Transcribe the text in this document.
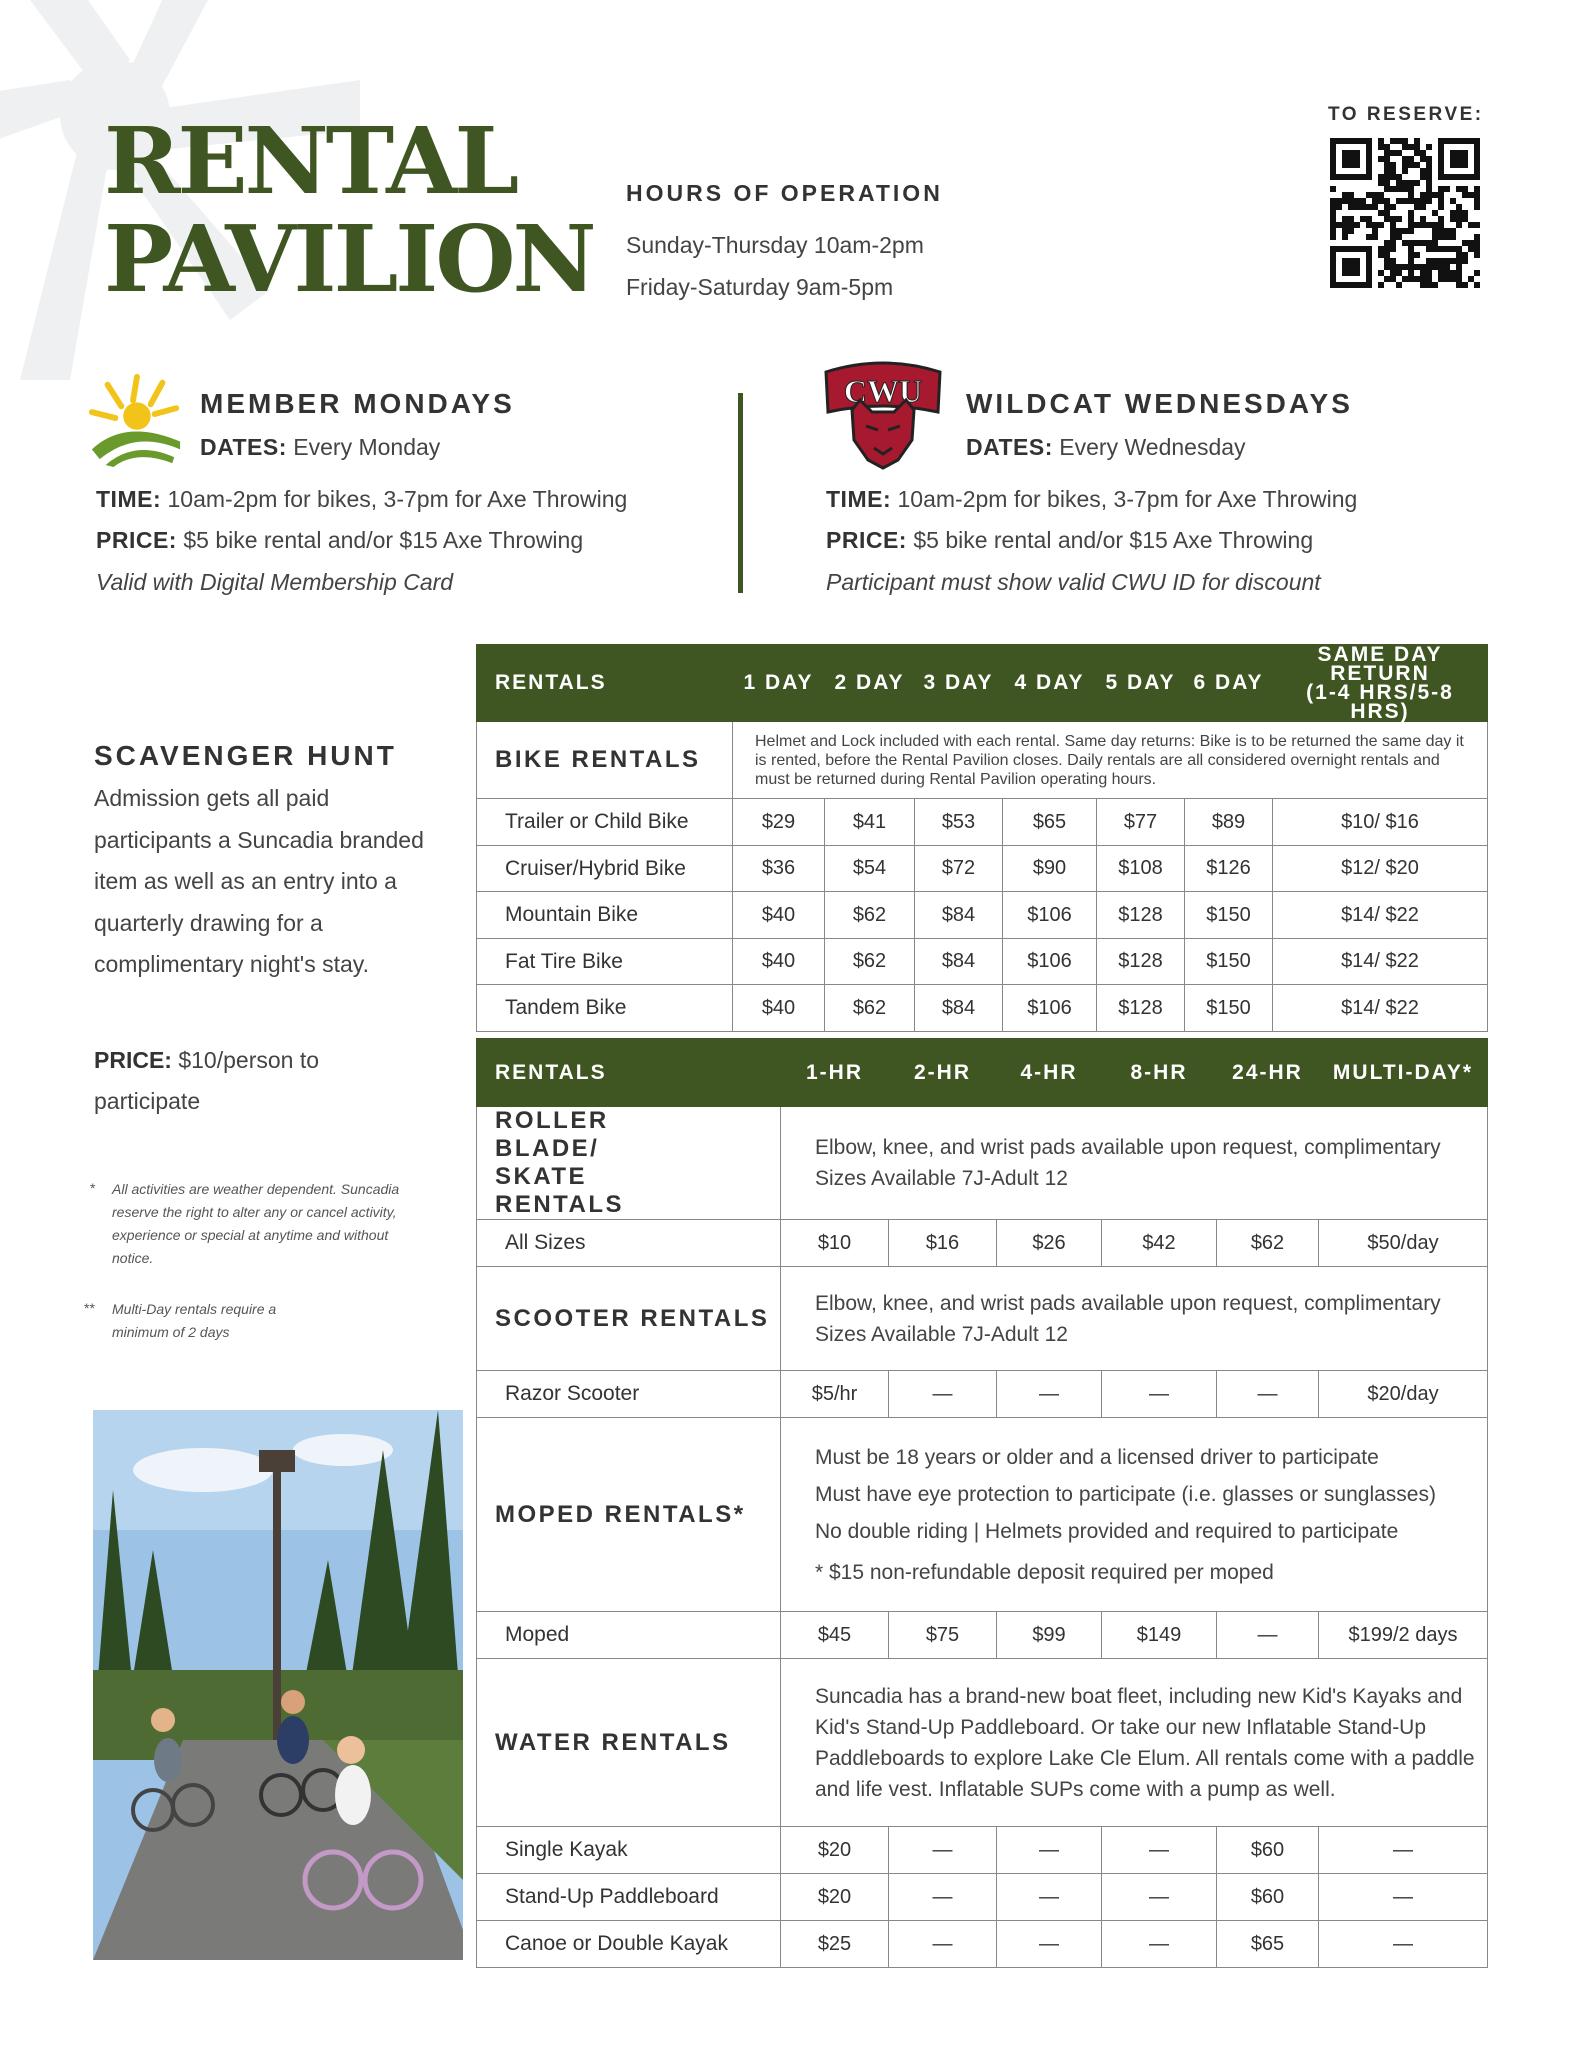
RENTAL
PAVILION
HOURS OF OPERATION
Sunday-Thursday 10am-2pm
Friday-Saturday 9am-5pm
TO RESERVE:
MEMBER MONDAYS
DATES: Every Monday
TIME: 10am-2pm for bikes, 3-7pm for Axe Throwing
PRICE: $5 bike rental and/or $15 Axe Throwing
Valid with Digital Membership Card
CWU WILDCAT WEDNESDAYS
DATES: Every Wednesday
TIME: 10am-2pm for bikes, 3-7pm for Axe Throwing
PRICE: $5 bike rental and/or $15 Axe Throwing
Participant must show valid CWU ID for discount
SCAVENGER HUNT
Admission gets all paid participants a Suncadia branded item as well as an entry into a quarterly drawing for a complimentary night's stay.
PRICE: $10/person to participate
* All activities are weather dependent. Suncadia reserve the right to alter any or cancel activity, experience or special at anytime and without notice.
** Multi-Day rentals require a minimum of 2 days
RENTALS	1 DAY	2 DAY	3 DAY	4 DAY	5 DAY	6 DAY	SAME DAY RETURN
(1-4 HRS/5-8 HRS)

BIKE RENTALS	Helmet and Lock included with each rental. Same day returns: Bike is to be returned the same day it is rented, before the Rental Pavilion closes. Daily rentals are all considered overnight rentals and must be returned during Rental Pavilion operating hours.						
Trailer or Child Bike	$29	$41	$53	$65	$77	$89	$10/ $16
Cruiser/Hybrid Bike	$36	$54	$72	$90	$108	$126	$12/ $20
Mountain Bike	$40	$62	$84	$106	$128	$150	$14/ $22
Fat Tire Bike	$40	$62	$84	$106	$128	$150	$14/ $22
Tandem Bike	$40	$62	$84	$106	$128	$150	$14/ $22
RENTALS	1-HR	2-HR	4-HR	8-HR	24-HR	MULTI-DAY*
ROLLER BLADE/ SKATE RENTALS	Elbow, knee, and wrist pads available upon request, complimentary
Sizes Available 7J-Adult 12					

All Sizes	$10	$16	$26	$42	$62	$50/day
SCOOTER RENTALS	Elbow, knee, and wrist pads available upon request, complimentary
Sizes Available 7J-Adult 12					

Razor Scooter	$5/hr	—	—	—	—	$20/day
MOPED RENTALS*	Must be 18 years or older and a licensed driver to participate
Must have eye protection to participate (i.e. glasses or sunglasses)
No double riding | Helmets provided and required to participate
* $15 non-refundable deposit required per moped					

Moped	$45	$75	$99	$149	—	$199/2 days
WATER RENTALS	Suncadia has a brand-new boat fleet, including new Kid's Kayaks and Kid's Stand-Up Paddleboard. Or take our new Inflatable Stand-Up Paddleboards to explore Lake Cle Elum. All rentals come with a paddle and life vest. Inflatable SUPs come with a pump as well.					
Single Kayak	$20	—	—	—	$60	—
Stand-Up Paddleboard	$20	—	—	—	$60	—
Canoe or Double Kayak	$25	—	—	—	$65	—
